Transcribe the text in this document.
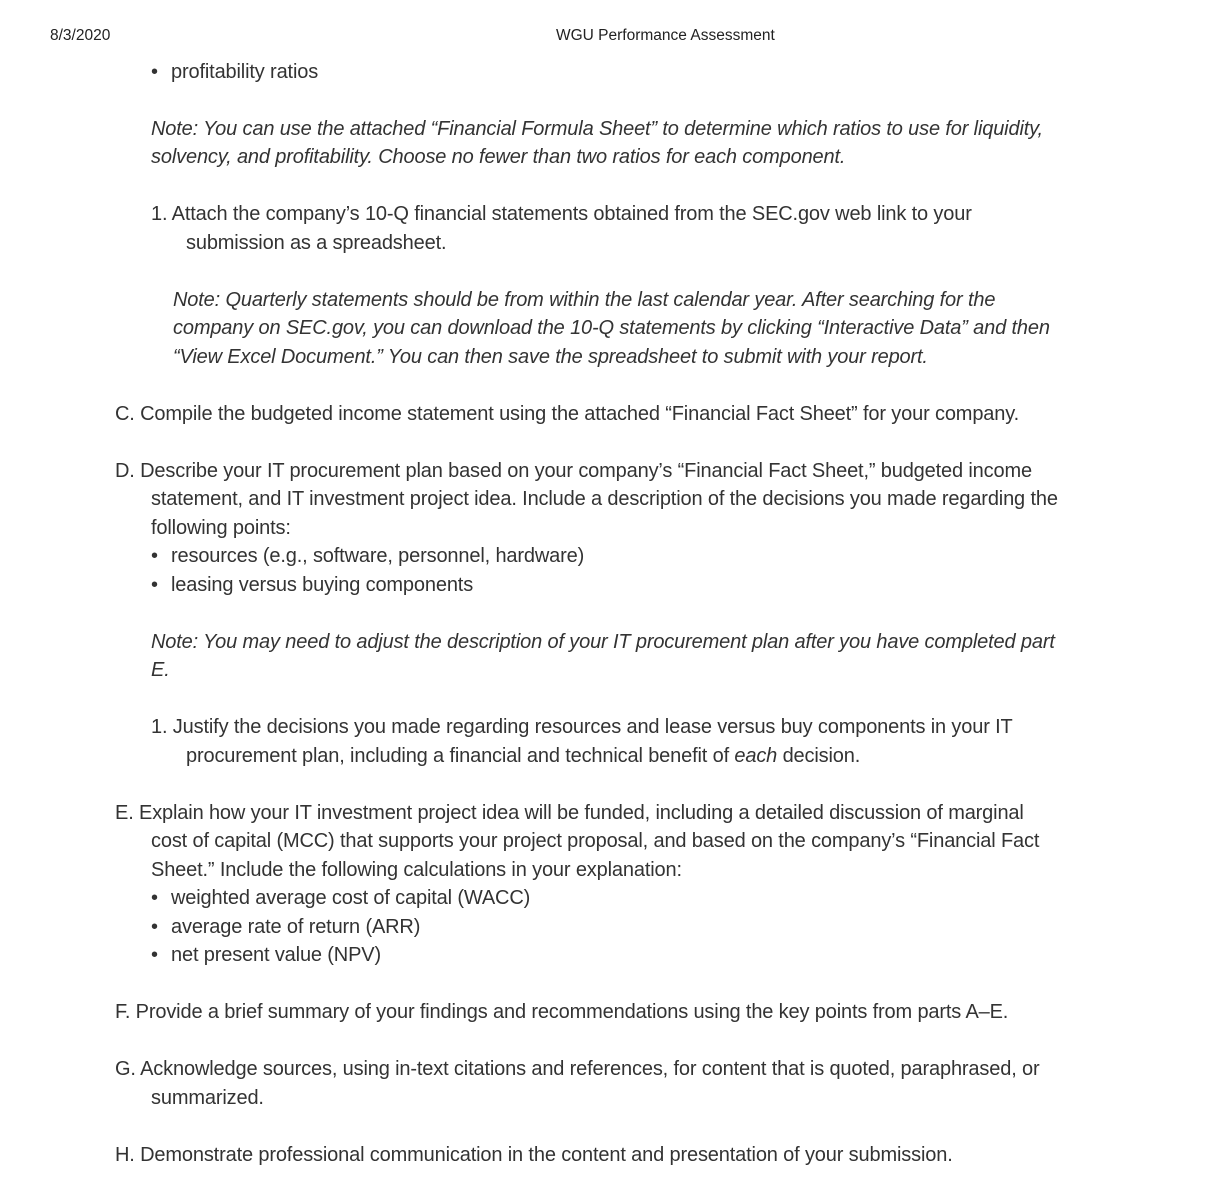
8/3/2020	WGU Performance Assessment
• profitability ratios
Note: You can use the attached “Financial Formula Sheet” to determine which ratios to use for liquidity,
solvency, and profitability. Choose no fewer than two ratios for each component.
1. Attach the company’s 10-Q financial statements obtained from the SEC.gov web link to your
submission as a spreadsheet.
Note: Quarterly statements should be from within the last calendar year. After searching for the
company on SEC.gov, you can download the 10-Q statements by clicking “Interactive Data” and then
“View Excel Document.” You can then save the spreadsheet to submit with your report.
C. Compile the budgeted income statement using the attached “Financial Fact Sheet” for your company.
D. Describe your IT procurement plan based on your company’s “Financial Fact Sheet,” budgeted income
statement, and IT investment project idea. Include a description of the decisions you made regarding the
following points:
• resources (e.g., software, personnel, hardware)
• leasing versus buying components
Note: You may need to adjust the description of your IT procurement plan after you have completed part
E.
1. Justify the decisions you made regarding resources and lease versus buy components in your IT
procurement plan, including a financial and technical benefit of each decision.
E. Explain how your IT investment project idea will be funded, including a detailed discussion of marginal
cost of capital (MCC) that supports your project proposal, and based on the company’s “Financial Fact
Sheet.” Include the following calculations in your explanation:
• weighted average cost of capital (WACC)
• average rate of return (ARR)
• net present value (NPV)
F. Provide a brief summary of your findings and recommendations using the key points from parts A–E.
G. Acknowledge sources, using in-text citations and references, for content that is quoted, paraphrased, or
summarized.
H. Demonstrate professional communication in the content and presentation of your submission.
